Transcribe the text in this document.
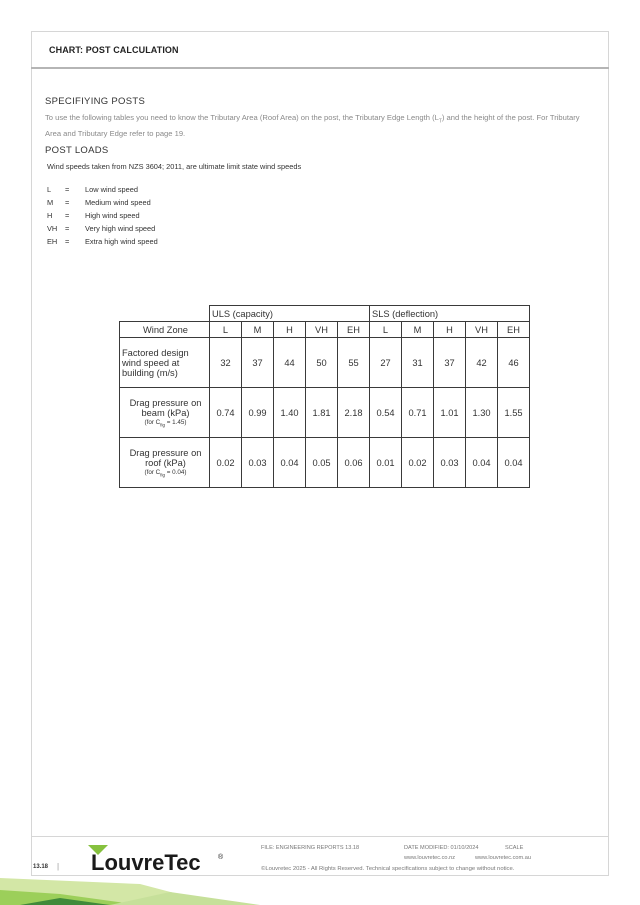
CHART: POST CALCULATION
SPECIFIYING POSTS
To use the following tables you need to know the Tributary Area (Roof Area) on the post, the Tributary Edge Length $(L_T)$ and the height of the post. For Tributary Area and Tributary Edge refer to page 19.
POST LOADS
Wind speeds taken from NZS 3604; 2011, are ultimate limit state wind speeds
L = Low wind speed
M = Medium wind speed
H = High wind speed
VH = Very high wind speed
EH = Extra high wind speed
	ULS (capacity)					SLS (deflection)				
Wind Zone	L	M	H	VH	EH	L	M	H	VH	EH
Factored design wind speed at building (m/s)	32	37	44	50	55	27	31	37	42	46
Drag pressure on beam (kPa)
(for $C_{fig} = 1.45$)	0.74	0.99	1.40	1.81	2.18	0.54	0.71	1.01	1.30	1.55
Drag pressure on roof (kPa)
(for $C_{fig} = 0.04$)	0.02	0.03	0.04	0.05	0.06	0.01	0.02	0.03	0.04	0.04
13.18 | LouvreTec ®
FILE: ENGINEERING REPORTS 13.18	DATE MODIFIED: 01/10/2024	SCALE
www.louvretec.co.nz	www.louvretec.com.au
©Louvretec 2025 - All Rights Reserved. Technical specifications subject to change without notice.
